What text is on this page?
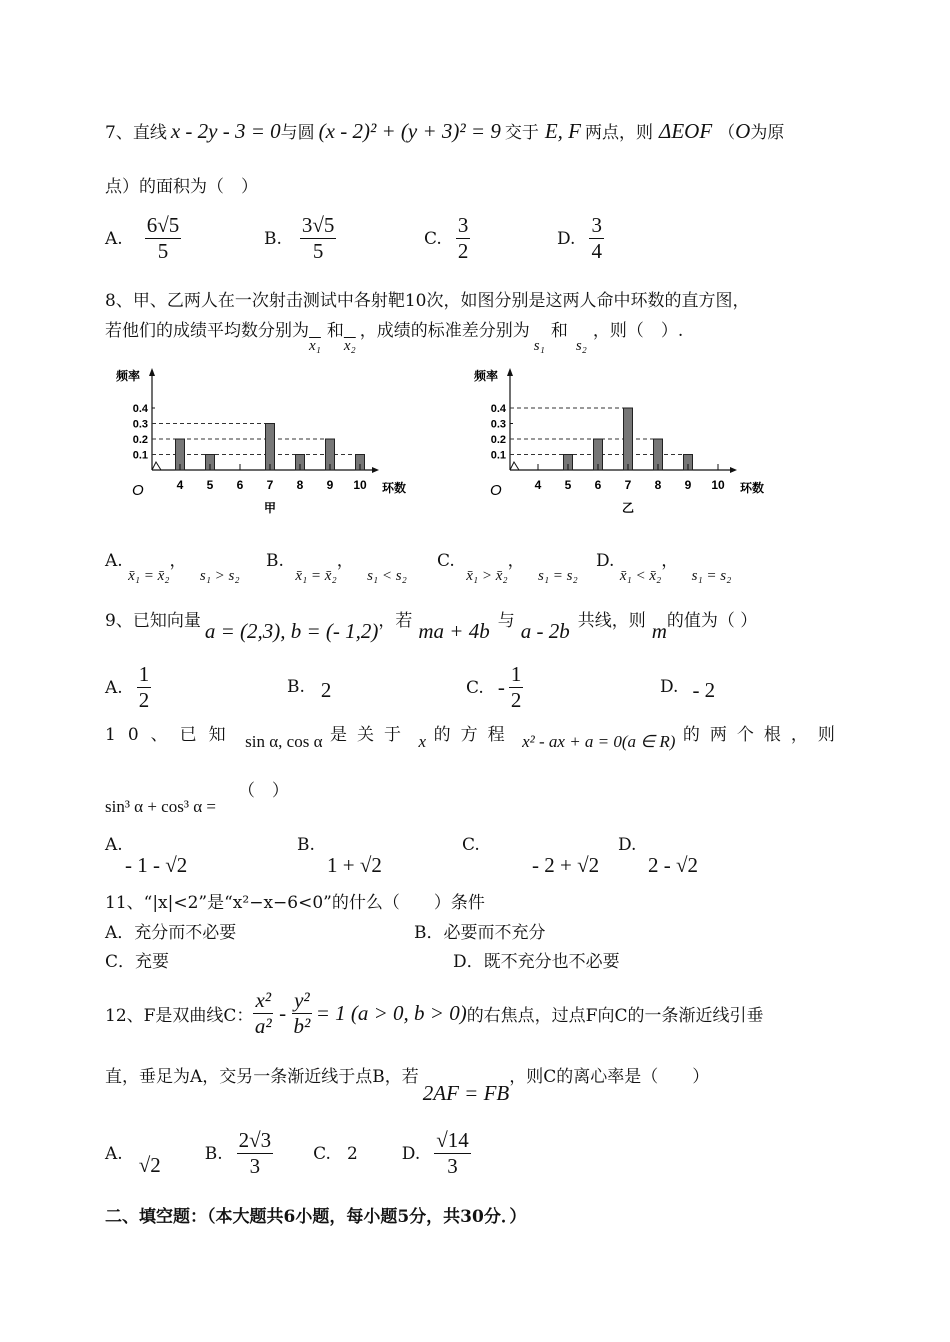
7、直线 x - 2y - 3 = 0与圆 (x - 2)² + (y + 3)² = 9 交于 E, F 两点，则 ΔEOF （O为原
点）的面积为（　）
A. $\frac{6√5}{5}$	B. $\frac{3√5}{5}$	C. $\frac{3}{2}$	D. $\frac{3}{4}$
8、甲、乙两人在一次射击测试中各射靶10次，如图分别是这两人命中环数的直方图，
若他们的成绩平均数分别为x₁和x₂，成绩的标准差分别为s₁和s₂，则（　）.
频率
O
0.1
0.2
0.3
0.4
4 5 6 7 8 9 10 环数
甲
频率
O
0.1
0.2
0.3
0.4
4 5 6 7 8 9 10 环数
乙
A. x̄₁ = x̄₂， s₁ > s₂
B. x̄₁ = x̄₂， s₁ < s₂
C. x̄₁ > x̄₂， s₁ = s₂
D. x̄₁ < x̄₂， s₁ = s₂
9、已知向量 a = (2,3), b = (- 1,2)，若 ma + 4b 与 a - 2b 共线，则 m的值为（ ）
A. $\frac{1}{2}$	B. 2	C. - $\frac{1}{2}$	D. - 2
10、已知 sin α, cos α 是关于 x 的方程 x² - ax + a = 0(a ∈ R) 的两个根，则
sin³ α + cos³ α =（　）
A.
- 1 - √2
B.
1 + √2
C.
- 2 + √2
D.
2 - √2
11、“|x|<2”是“x²−x−6<0”的什么（　　）条件
A．充分而不必要	B．必要而不充分
C．充要	D．既不充分也不必要
12、F是双曲线C： $\frac{\text{x²}}{\text{a²}} - \frac{\text{y²}}{\text{b²}} = 1$ (a > 0, b > 0) 的右焦点，过点F向C的一条渐近线引垂
直，垂足为A，交另一条渐近线于点B，若2AF = FB，则C的离心率是（　　）
A. √2	B. $\frac{2√3}{3} C$. 2	D. $\frac{√14}{3}$
二、填空题：（本大题共6小题，每小题5分，共30分．）
